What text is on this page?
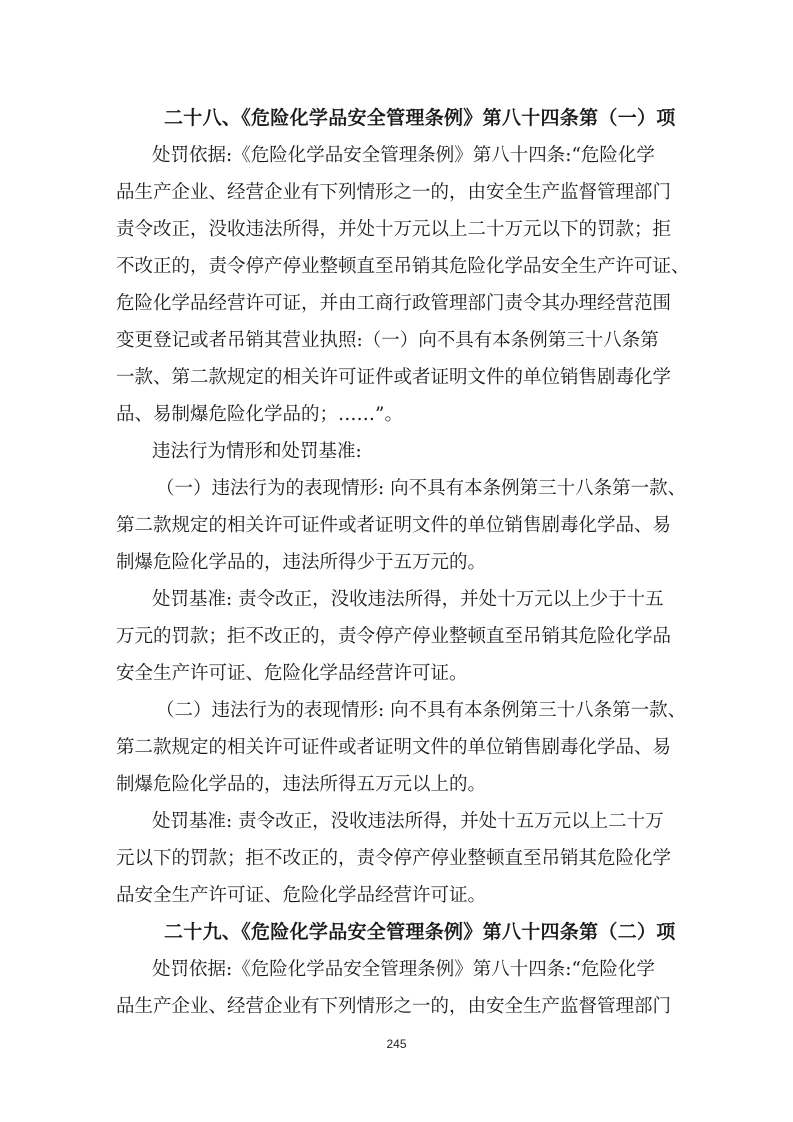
二十八、《危险化学品安全管理条例》第八十四条第（一）项
处罚依据:《危险化学品安全管理条例》第八十四条:“危险化学
品生产企业、经营企业有下列情形之一的，由安全生产监督管理部门
责令改正，没收违法所得，并处十万元以上二十万元以下的罚款；拒
不改正的，责令停产停业整顿直至吊销其危险化学品安全生产许可证、
危险化学品经营许可证，并由工商行政管理部门责令其办理经营范围
变更登记或者吊销其营业执照:（一）向不具有本条例第三十八条第
一款、第二款规定的相关许可证件或者证明文件的单位销售剧毒化学
品、易制爆危险化学品的；……”。
违法行为情形和处罚基准:
（一）违法行为的表现情形: 向不具有本条例第三十八条第一款、
第二款规定的相关许可证件或者证明文件的单位销售剧毒化学品、易
制爆危险化学品的，违法所得少于五万元的。
处罚基准: 责令改正，没收违法所得，并处十万元以上少于十五
万元的罚款；拒不改正的，责令停产停业整顿直至吊销其危险化学品
安全生产许可证、危险化学品经营许可证。
（二）违法行为的表现情形: 向不具有本条例第三十八条第一款、
第二款规定的相关许可证件或者证明文件的单位销售剧毒化学品、易
制爆危险化学品的，违法所得五万元以上的。
处罚基准: 责令改正，没收违法所得，并处十五万元以上二十万
元以下的罚款；拒不改正的，责令停产停业整顿直至吊销其危险化学
品安全生产许可证、危险化学品经营许可证。
二十九、《危险化学品安全管理条例》第八十四条第（二）项
处罚依据:《危险化学品安全管理条例》第八十四条:“危险化学
品生产企业、经营企业有下列情形之一的，由安全生产监督管理部门
245
